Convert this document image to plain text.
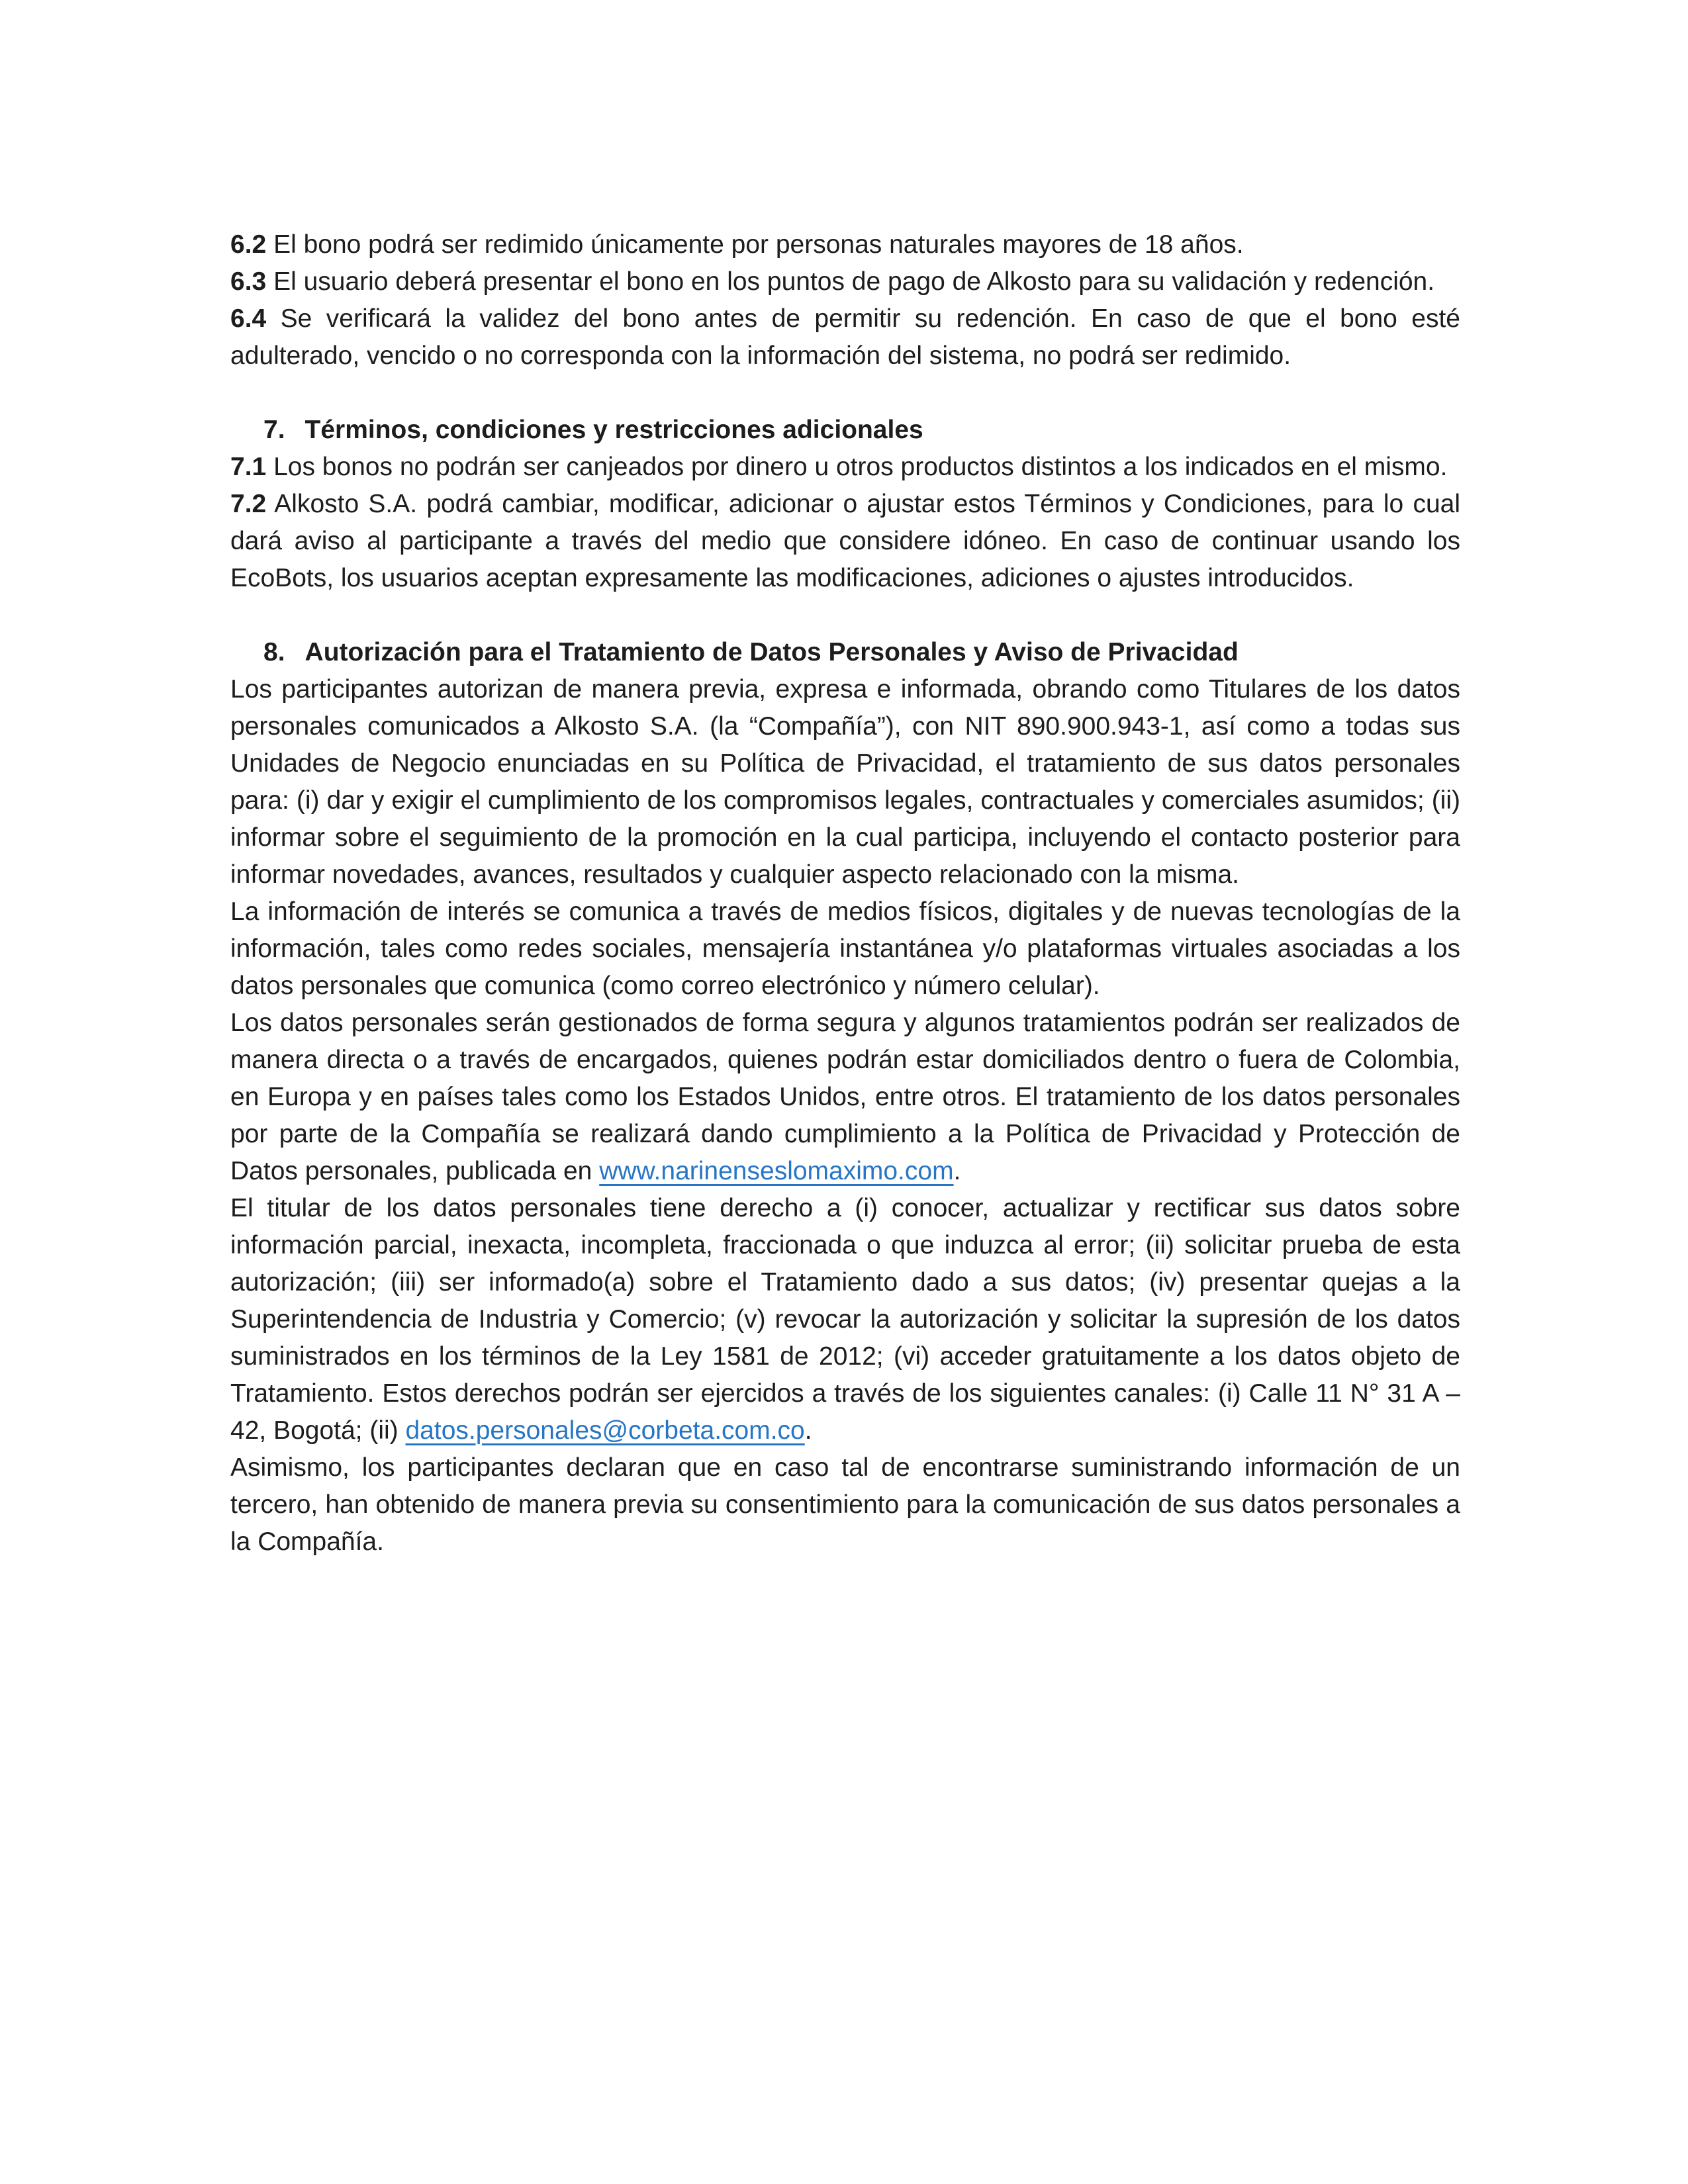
6.2 El bono podrá ser redimido únicamente por personas naturales mayores de 18 años.

6.3 El usuario deberá presentar el bono en los puntos de pago de Alkosto para su validación y redención.

6.4 Se verificará la validez del bono antes de permitir su redención. En caso de que el bono esté adulterado, vencido o no corresponda con la información del sistema, no podrá ser redimido.

7. Términos, condiciones y restricciones adicionales

7.1 Los bonos no podrán ser canjeados por dinero u otros productos distintos a los indicados en el mismo.

7.2 Alkosto S.A. podrá cambiar, modificar, adicionar o ajustar estos Términos y Condiciones, para lo cual dará aviso al participante a través del medio que considere idóneo. En caso de continuar usando los EcoBots, los usuarios aceptan expresamente las modificaciones, adiciones o ajustes introducidos.

8. Autorización para el Tratamiento de Datos Personales y Aviso de Privacidad

Los participantes autorizan de manera previa, expresa e informada, obrando como Titulares de los datos personales comunicados a Alkosto S.A. (la “Compañía”), con NIT 890.900.943-1, así como a todas sus Unidades de Negocio enunciadas en su Política de Privacidad, el tratamiento de sus datos personales para: (i) dar y exigir el cumplimiento de los compromisos legales, contractuales y comerciales asumidos; (ii) informar sobre el seguimiento de la promoción en la cual participa, incluyendo el contacto posterior para informar novedades, avances, resultados y cualquier aspecto relacionado con la misma.

La información de interés se comunica a través de medios físicos, digitales y de nuevas tecnologías de la información, tales como redes sociales, mensajería instantánea y/o plataformas virtuales asociadas a los datos personales que comunica (como correo electrónico y número celular).

Los datos personales serán gestionados de forma segura y algunos tratamientos podrán ser realizados de manera directa o a través de encargados, quienes podrán estar domiciliados dentro o fuera de Colombia, en Europa y en países tales como los Estados Unidos, entre otros. El tratamiento de los datos personales por parte de la Compañía se realizará dando cumplimiento a la Política de Privacidad y Protección de Datos personales, publicada en www.narinenseslomaximo.com.

El titular de los datos personales tiene derecho a (i) conocer, actualizar y rectificar sus datos sobre información parcial, inexacta, incompleta, fraccionada o que induzca al error; (ii) solicitar prueba de esta autorización; (iii) ser informado(a) sobre el Tratamiento dado a sus datos; (iv) presentar quejas a la Superintendencia de Industria y Comercio; (v) revocar la autorización y solicitar la supresión de los datos suministrados en los términos de la Ley 1581 de 2012; (vi) acceder gratuitamente a los datos objeto de Tratamiento. Estos derechos podrán ser ejercidos a través de los siguientes canales: (i) Calle 11 N° 31 A – 42, Bogotá; (ii) datos.personales@corbeta.com.co.

Asimismo, los participantes declaran que en caso tal de encontrarse suministrando información de un tercero, han obtenido de manera previa su consentimiento para la comunicación de sus datos personales a la Compañía.
